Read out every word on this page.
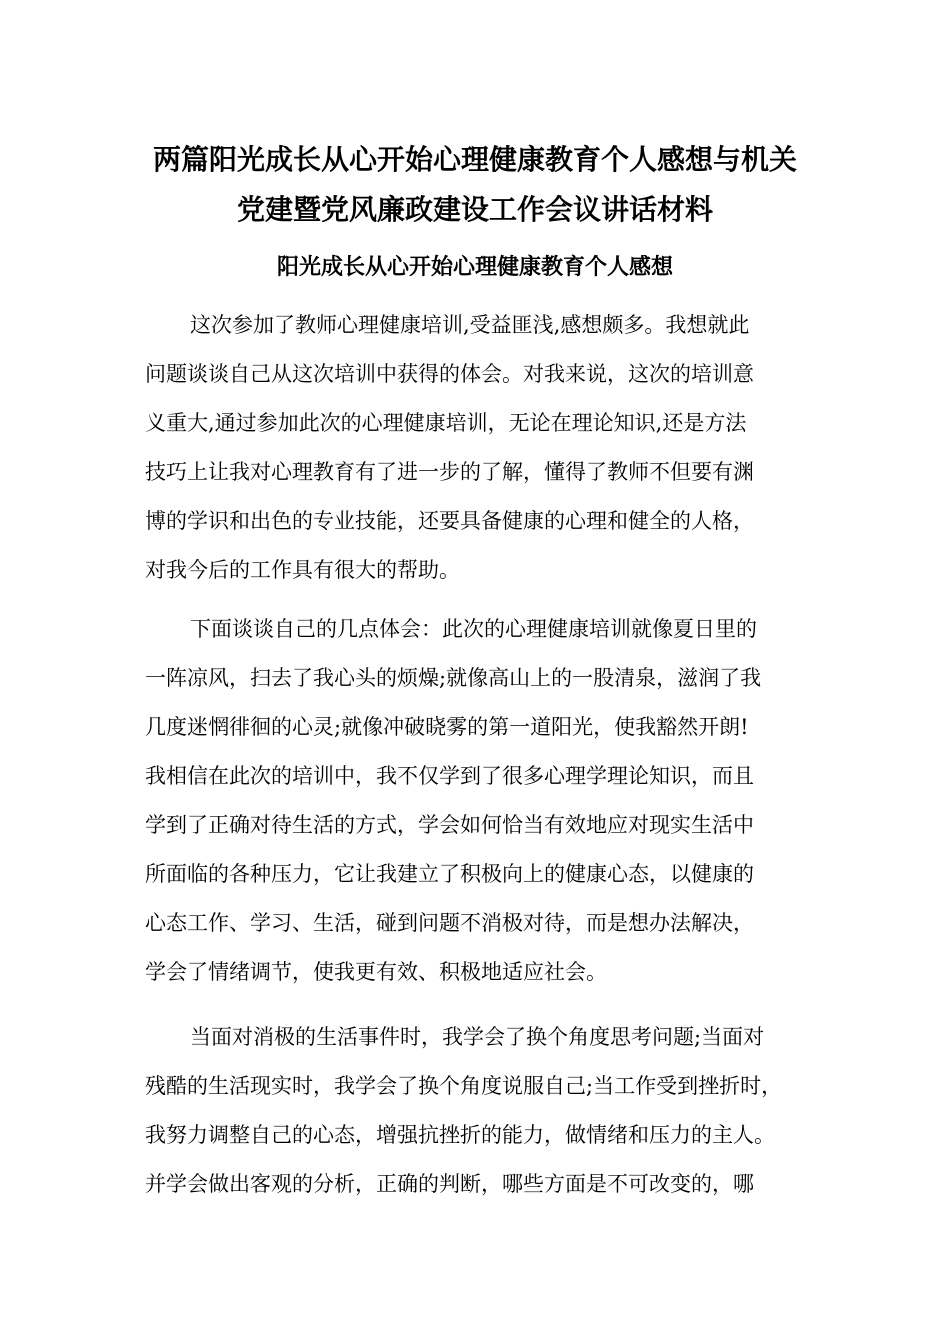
两篇阳光成长从心开始心理健康教育个人感想与机关
党建暨党风廉政建设工作会议讲话材料
阳光成长从心开始心理健康教育个人感想

这次参加了教师心理健康培训,受益匪浅,感想颇多。我想就此

问题谈谈自己从这次培训中获得的体会。对我来说，这次的培训意

义重大,通过参加此次的心理健康培训，无论在理论知识,还是方法

技巧上让我对心理教育有了进一步的了解，懂得了教师不但要有渊

博的学识和出色的专业技能，还要具备健康的心理和健全的人格，

对我今后的工作具有很大的帮助。

下面谈谈自己的几点体会：此次的心理健康培训就像夏日里的

一阵凉风，扫去了我心头的烦燥;就像高山上的一股清泉，滋润了我

几度迷惘徘徊的心灵;就像冲破晓雾的第一道阳光，使我豁然开朗!

我相信在此次的培训中，我不仅学到了很多心理学理论知识，而且

学到了正确对待生活的方式，学会如何恰当有效地应对现实生活中

所面临的各种压力，它让我建立了积极向上的健康心态，以健康的

心态工作、学习、生活，碰到问题不消极对待，而是想办法解决，

学会了情绪调节，使我更有效、积极地适应社会。

当面对消极的生活事件时，我学会了换个角度思考问题;当面对

残酷的生活现实时，我学会了换个角度说服自己;当工作受到挫折时，

我努力调整自己的心态，增强抗挫折的能力，做情绪和压力的主人。

并学会做出客观的分析，正确的判断，哪些方面是不可改变的，哪
